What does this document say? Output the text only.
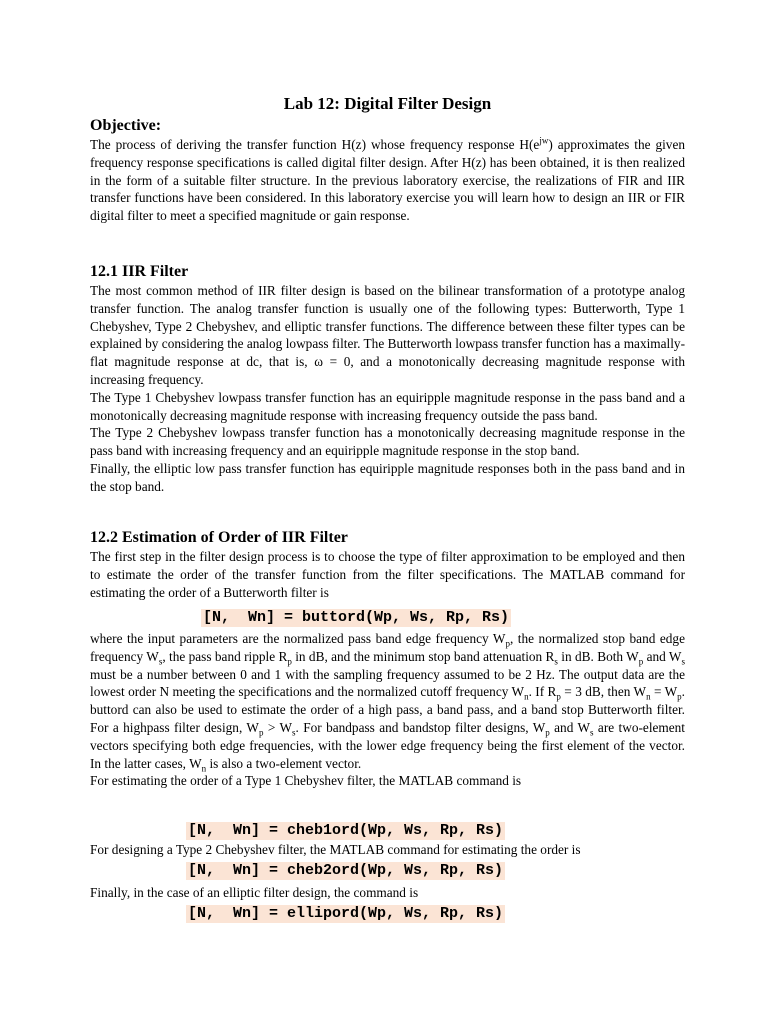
Lab 12: Digital Filter Design
Objective:

The process of deriving the transfer function H(z) whose frequency response $H(e^{jw})$ approximates the given frequency response specifications is called digital filter design. After H(z) has been obtained, it is then realized in the form of a suitable filter structure. In the previous laboratory exercise, the realizations of FIR and IIR transfer functions have been considered. In this laboratory exercise you will learn how to design an IIR or FIR digital filter to meet a specified magnitude or gain response.

12.1 IIR Filter

The most common method of IIR filter design is based on the bilinear transformation of a prototype analog transfer function. The analog transfer function is usually one of the following types: Butterworth, Type 1 Chebyshev, Type 2 Chebyshev, and elliptic transfer functions. The difference between these filter types can be explained by considering the analog lowpass filter. The Butterworth lowpass transfer function has a maximally-flat magnitude response at dc, that is, ω = 0, and a monotonically decreasing magnitude response with increasing frequency.

The Type 1 Chebyshev lowpass transfer function has an equiripple magnitude response in the pass band and a monotonically decreasing magnitude response with increasing frequency outside the pass band.

The Type 2 Chebyshev lowpass transfer function has a monotonically decreasing magnitude response in the pass band with increasing frequency and an equiripple magnitude response in the stop band.

Finally, the elliptic low pass transfer function has equiripple magnitude responses both in the pass band and in the stop band.

12.2 Estimation of Order of IIR Filter

The first step in the filter design process is to choose the type of filter approximation to be employed and then to estimate the order of the transfer function from the filter specifications. The MATLAB command for estimating the order of a Butterworth filter is

[N,  Wn] = buttord(Wp, Ws, Rp, Rs)

where the input parameters are the normalized pass band edge frequency $W_p$, the normalized stop band edge frequency $W_s$, the pass band ripple $R_p$ in dB, and the minimum stop band attenuation $R_s$ in dB. Both $W_p$ and $W_s$ must be a number between 0 and 1 with the sampling frequency assumed to be 2 Hz. The output data are the lowest order N meeting the specifications and the normalized cutoff frequency $W_n$. If $R_p = 3$ dB, then $W_n = W_p$. buttord can also be used to estimate the order of a high pass, a band pass, and a band stop Butterworth filter. For a highpass filter design, $W_p > W_s$. For bandpass and bandstop filter designs, $W_p$ and $W_s$ are two-element vectors specifying both edge frequencies, with the lower edge frequency being the first element of the vector. In the latter cases, $W_n$ is also a two-element vector.

For estimating the order of a Type 1 Chebyshev filter, the MATLAB command is

[N,  Wn] = cheb1ord(Wp, Ws, Rp, Rs)

For designing a Type 2 Chebyshev filter, the MATLAB command for estimating the order is

[N,  Wn] = cheb2ord(Wp, Ws, Rp, Rs)

Finally, in the case of an elliptic filter design, the command is

[N,  Wn] = ellipord(Wp, Ws, Rp, Rs)
